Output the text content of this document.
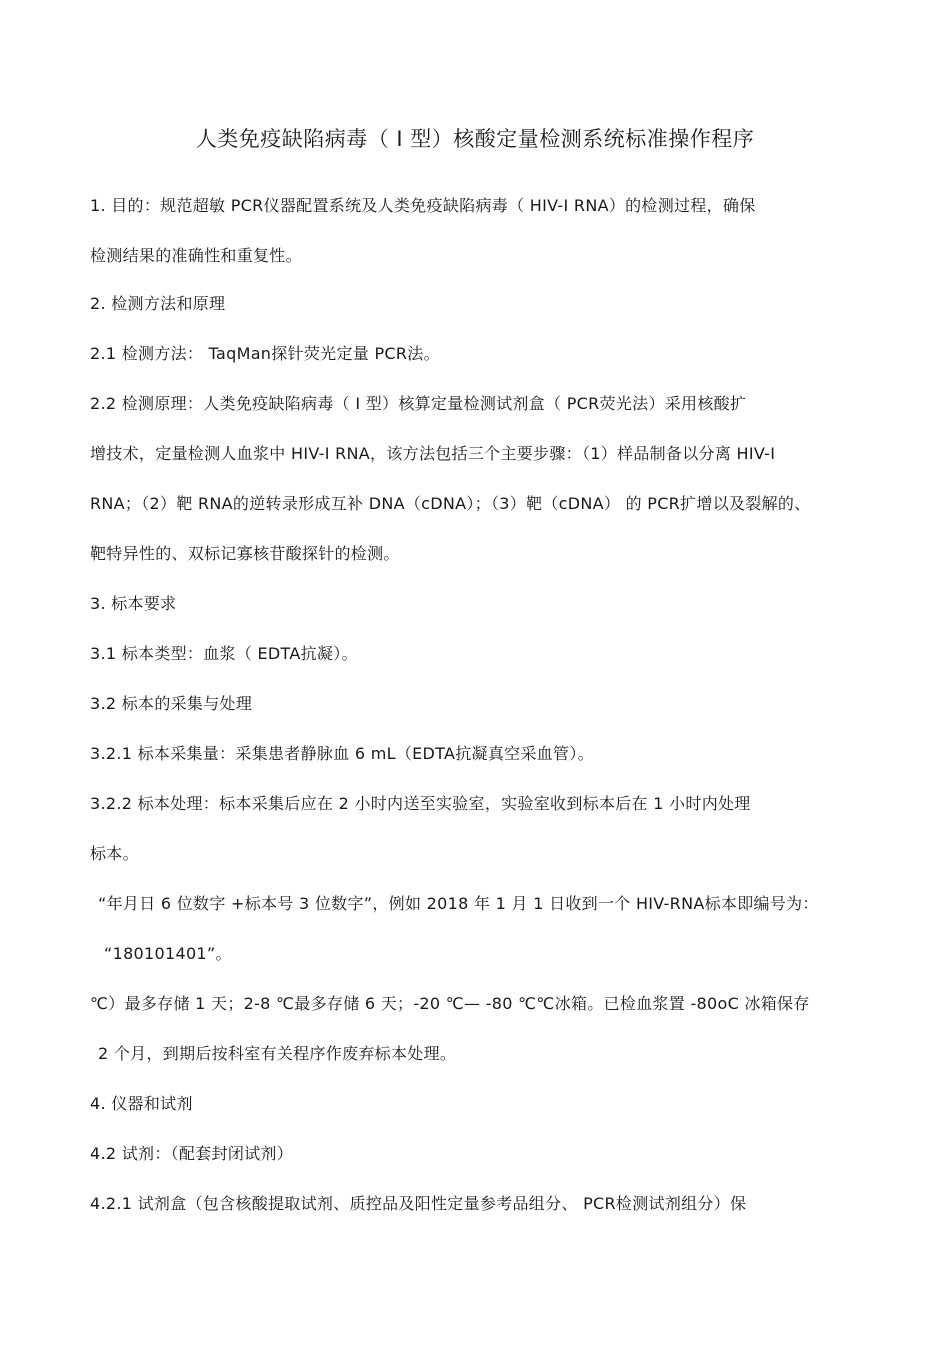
人类免疫缺陷病毒（ Ⅰ 型）核酸定量检测系统标准操作程序
1. 目的：规范超敏 PCR仪器配置系统及人类免疫缺陷病毒（ HIV-I RNA）的检测过程，确保
检测结果的准确性和重复性。
2. 检测方法和原理
2.1 检测方法： TaqMan探针荧光定量 PCR法。
2.2 检测原理：人类免疫缺陷病毒（ I 型）核算定量检测试剂盒（ PCR荧光法）采用核酸扩
增技术，定量检测人血浆中 HIV-I RNA，该方法包括三个主要步骤：（1）样品制备以分离 HIV-I
RNA；（2）靶 RNA的逆转录形成互补 DNA（cDNA）；（3）靶（cDNA） 的 PCR扩增以及裂解的、
靶特异性的、双标记寡核苷酸探针的检测。
3. 标本要求
3.1 标本类型：血浆（ EDTA抗凝）。
3.2 标本的采集与处理
3.2.1 标本采集量：采集患者静脉血 6 mL（EDTA抗凝真空采血管）。
3.2.2 标本处理：标本采集后应在 2 小时内送至实验室，实验室收到标本后在 1 小时内处理
标本。
“年月日 6 位数字 +标本号 3 位数字”，例如 2018 年 1 月 1 日收到一个 HIV-RNA标本即编号为：
“180101401”。
℃）最多存储 1 天；2-8 ℃最多存储 6 天；-20 ℃— -80 ℃℃冰箱。已检血浆置 -80oC 冰箱保存
2 个月，到期后按科室有关程序作废弃标本处理。
4. 仪器和试剂
4.2 试剂：（配套封闭试剂）
4.2.1 试剂盒（包含核酸提取试剂、质控品及阳性定量参考品组分、 PCR检测试剂组分）保
